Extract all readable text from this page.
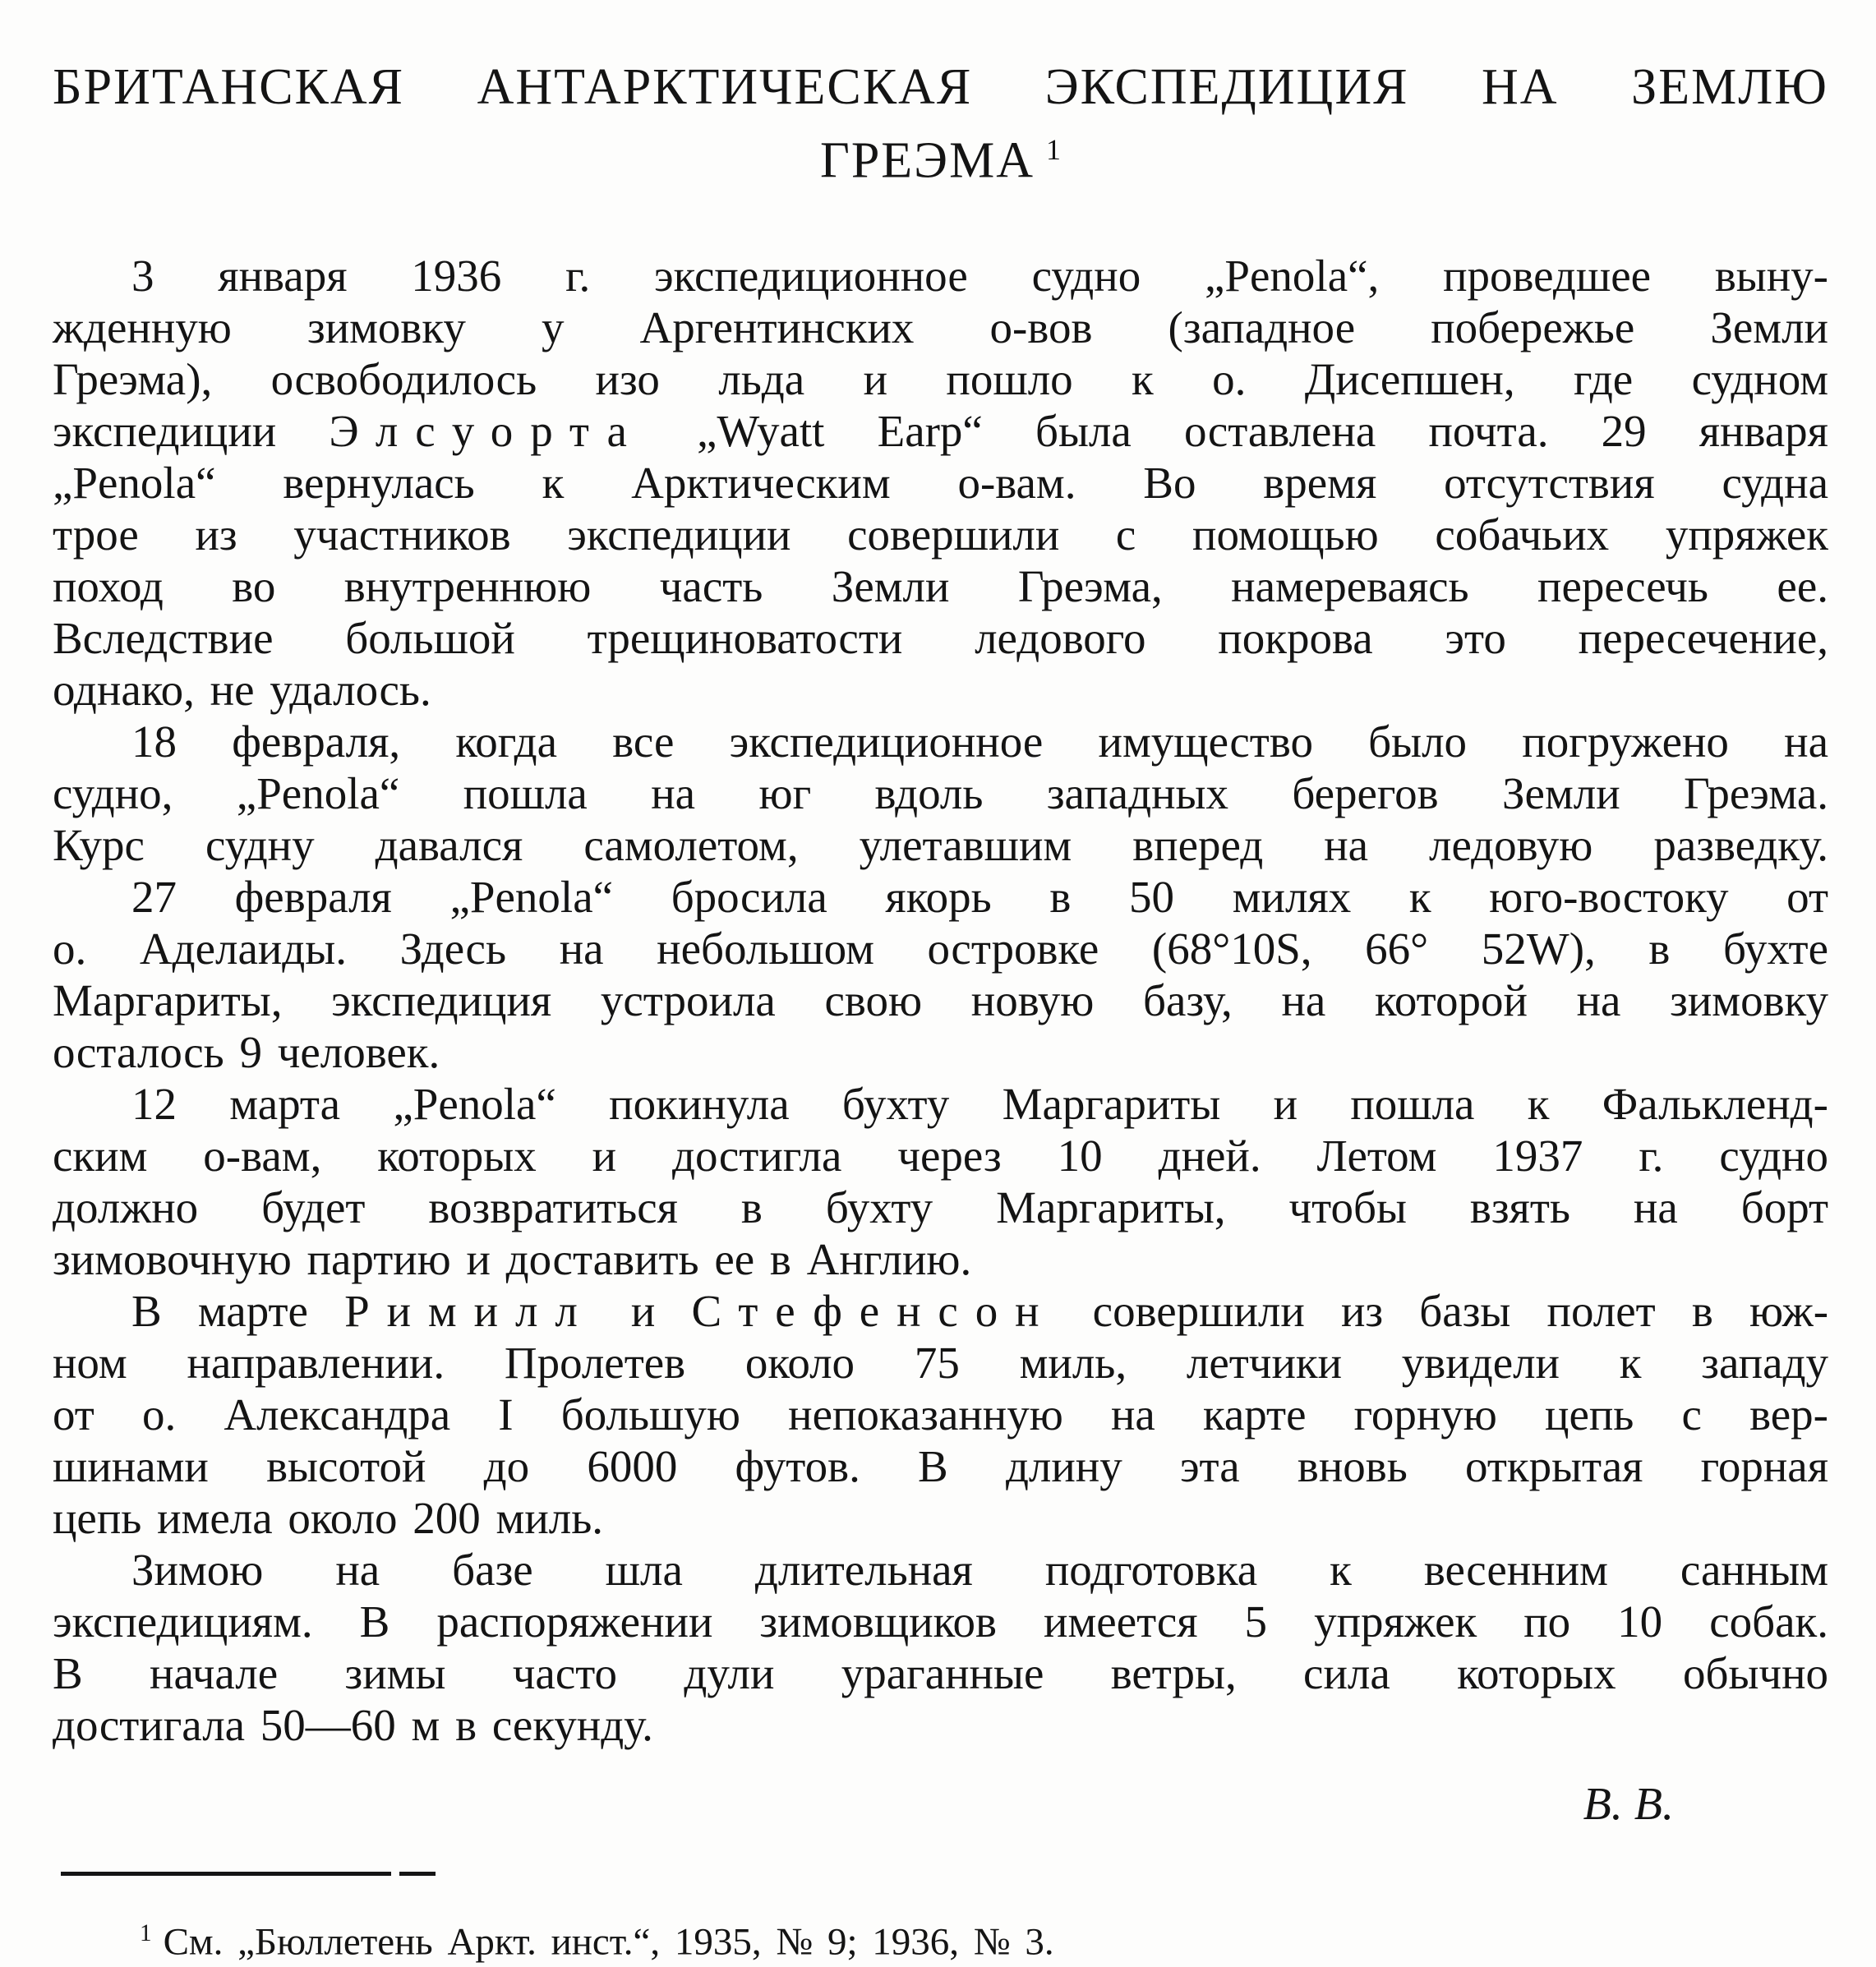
БРИТАНСКАЯ АНТАРКТИЧЕСКАЯ ЭКСПЕДИЦИЯ НА ЗЕМЛЮ
ГРЕЭМА $^1$
3 января 1936 г. экспедиционное судно „Penola“, проведшее выну-
жденную зимовку у Аргентинских о-вов (западное побережье Земли
Греэма), освободилось изо льда и пошло к о. Дисепшен, где судном
экспедиции Элсуорта „Wyatt Earp“ была оставлена почта. 29 января
„Penola“ вернулась к Арктическим о-вам. Во время отсутствия судна
трое из участников экспедиции совершили с помощью собачьих упряжек
поход во внутреннюю часть Земли Греэма, намереваясь пересечь ее.
Вследствие большой трещиноватости ледового покрова это пересечение,
однако, не удалось.
18 февраля, когда все экспедиционное имущество было погружено на
судно, „Penola“ пошла на юг вдоль западных берегов Земли Греэма.
Курс судну давался самолетом, улетавшим вперед на ледовую разведку.
27 февраля „Penola“ бросила якорь в 50 милях к юго-востоку от
о. Аделаиды. Здесь на небольшом островке (68°10S, 66° 52W), в бухте
Маргариты, экспедиция устроила свою новую базу, на которой на зимовку
осталось 9 человек.
12 марта „Penola“ покинула бухту Маргариты и пошла к Фалькленд-
ским о-вам, которых и достигла через 10 дней. Летом 1937 г. судно
должно будет возвратиться в бухту Маргариты, чтобы взять на борт
зимовочную партию и доставить ее в Англию.
В марте Римилл и Стефенсон совершили из базы полет в юж-
ном направлении. Пролетев около 75 миль, летчики увидели к западу
от о. Александра I большую непоказанную на карте горную цепь с вер-
шинами высотой до 6000 футов. В длину эта вновь открытая горная
цепь имела около 200 миль.
Зимою на базе шла длительная подготовка к весенним санным
экспедициям. В распоряжении зимовщиков имеется 5 упряжек по 10 собак.
В начале зимы часто дули ураганные ветры, сила которых обычно
достигала 50—60 м в секунду.
В. В.
$^1$ См. „Бюллетень Аркт. инст.“, 1935, № 9; 1936, № 3.
